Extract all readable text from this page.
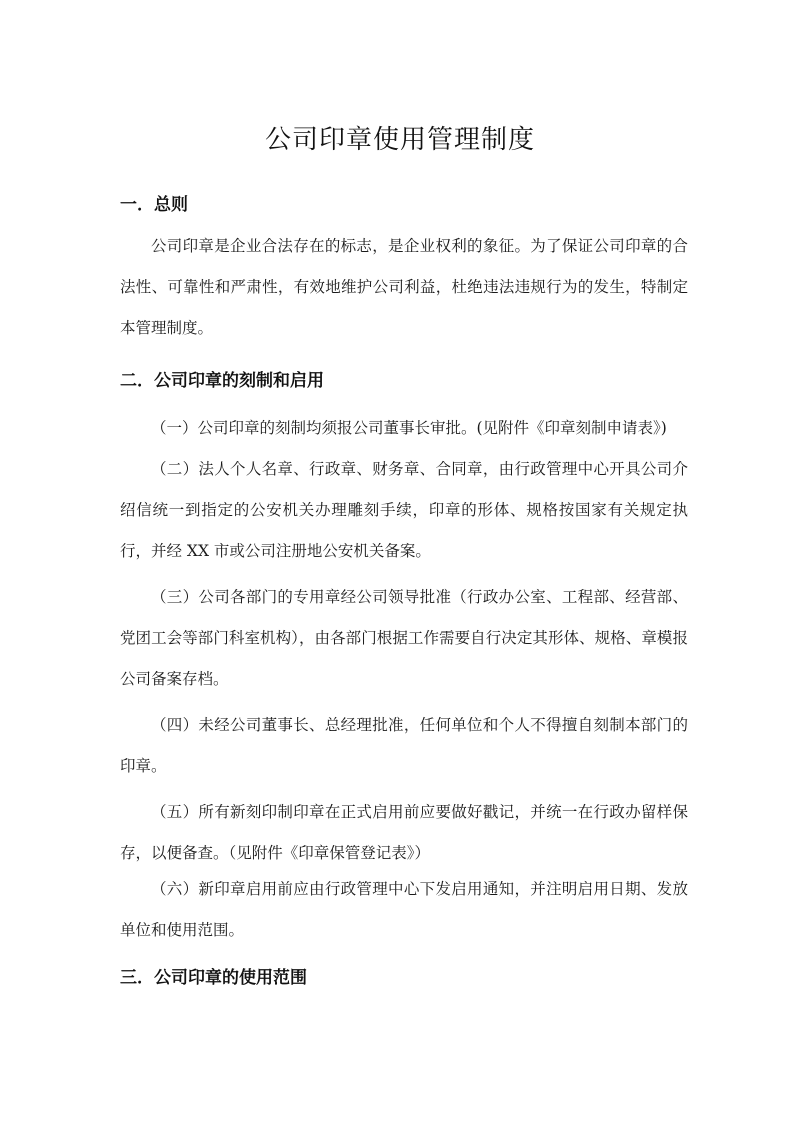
公司印章使用管理制度
一．总则

公司印章是企业合法存在的标志，是企业权利的象征。为了保证公司印章的合法性、可靠性和严肃性，有效地维护公司利益，杜绝违法违规行为的发生，特制定本管理制度。

二．公司印章的刻制和启用

（一）公司印章的刻制均须报公司董事长审批。(见附件《印章刻制申请表》)

（二）法人个人名章、行政章、财务章、合同章，由行政管理中心开具公司介绍信统一到指定的公安机关办理雕刻手续，印章的形体、规格按国家有关规定执行，并经 XX 市或公司注册地公安机关备案。

（三）公司各部门的专用章经公司领导批准（行政办公室、工程部、经营部、党团工会等部门科室机构），由各部门根据工作需要自行决定其形体、规格、章模报公司备案存档。

（四）未经公司董事长、总经理批准，任何单位和个人不得擅自刻制本部门的印章。

（五）所有新刻印制印章在正式启用前应要做好戳记，并统一在行政办留样保存，以便备查。（见附件《印章保管登记表》）

（六）新印章启用前应由行政管理中心下发启用通知，并注明启用日期、发放单位和使用范围。

三．公司印章的使用范围
